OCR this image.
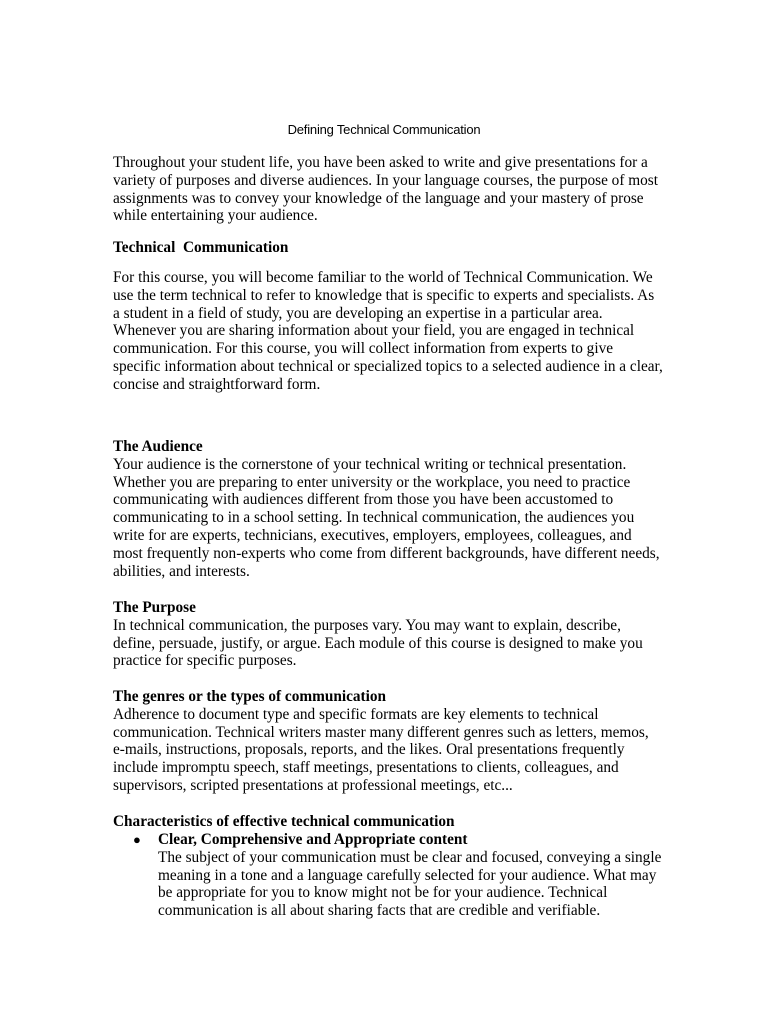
Defining Technical Communication
Throughout your student life, you have been asked to write and give presentations for a
variety of purposes and diverse audiences. In your language courses, the purpose of most
assignments was to convey your knowledge of the language and your mastery of prose
while entertaining your audience.
Technical  Communication
For this course, you will become familiar to the world of Technical Communication. We
use the term technical to refer to knowledge that is specific to experts and specialists. As
a student in a field of study, you are developing an expertise in a particular area.
Whenever you are sharing information about your field, you are engaged in technical
communication. For this course, you will collect information from experts to give
specific information about technical or specialized topics to a selected audience in a clear,
concise and straightforward form.
The Audience
Your audience is the cornerstone of your technical writing or technical presentation.
Whether you are preparing to enter university or the workplace, you need to practice
communicating with audiences different from those you have been accustomed to
communicating to in a school setting. In technical communication, the audiences you
write for are experts, technicians, executives, employers, employees, colleagues, and
most frequently non-experts who come from different backgrounds, have different needs,
abilities, and interests.
The Purpose
In technical communication, the purposes vary. You may want to explain, describe,
define, persuade, justify, or argue. Each module of this course is designed to make you
practice for specific purposes.
The genres or the types of communication
Adherence to document type and specific formats are key elements to technical
communication. Technical writers master many different genres such as letters, memos,
e-mails, instructions, proposals, reports, and the likes. Oral presentations frequently
include impromptu speech, staff meetings, presentations to clients, colleagues, and
supervisors, scripted presentations at professional meetings, etc...
Characteristics of effective technical communication
● Clear, Comprehensive and Appropriate content
The subject of your communication must be clear and focused, conveying a single
meaning in a tone and a language carefully selected for your audience. What may
be appropriate for you to know might not be for your audience. Technical
communication is all about sharing facts that are credible and verifiable.
